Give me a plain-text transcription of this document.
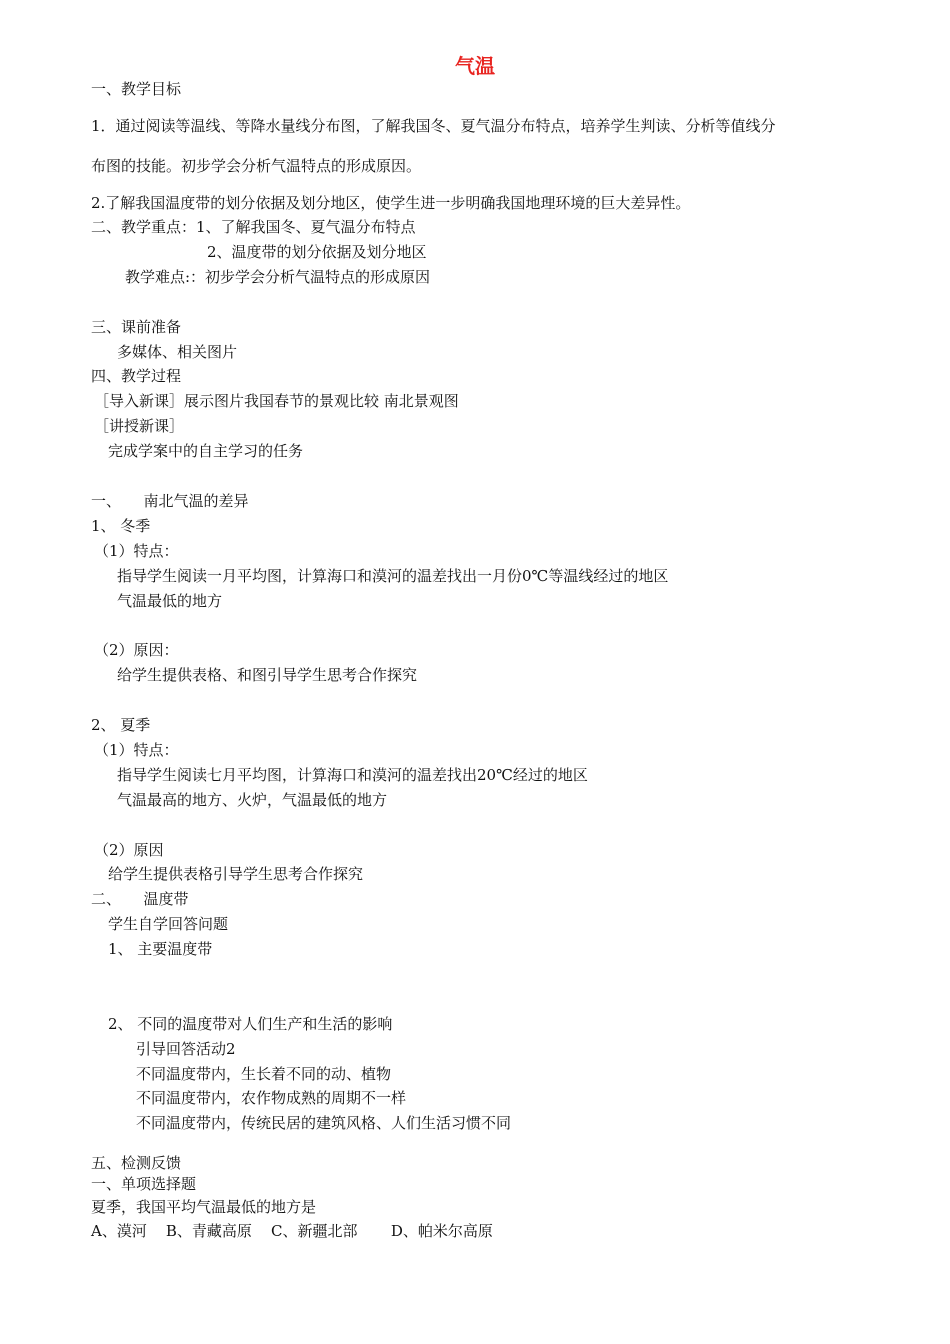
气温
一、教学目标
1．通过阅读等温线、等降水量线分布图，了解我国冬、夏气温分布特点，培养学生判读、分析等值线分
布图的技能。初步学会分析气温特点的形成原因。
2.了解我国温度带的划分依据及划分地区，使学生进一步明确我国地理环境的巨大差异性。
二、教学重点：1、了解我国冬、夏气温分布特点
2、温度带的划分依据及划分地区
教学难点:：初步学会分析气温特点的形成原因
三、课前准备
多媒体、相关图片
四、教学过程
［导入新课］展示图片我国春节的景观比较 南北景观图
［讲授新课］
完成学案中的自主学习的任务
一、　　南北气温的差异
1、 冬季
（1）特点：
指导学生阅读一月平均图，计算海口和漠河的温差找出一月份0℃等温线经过的地区
气温最低的地方
（2）原因：
给学生提供表格、和图引导学生思考合作探究
2、 夏季
（1）特点：
指导学生阅读七月平均图，计算海口和漠河的温差找出20℃经过的地区
气温最高的地方、火炉，气温最低的地方
（2）原因
给学生提供表格引导学生思考合作探究
二、　　温度带
学生自学回答问题
1、 主要温度带
2、 不同的温度带对人们生产和生活的影响
引导回答活动2
不同温度带内，生长着不同的动、植物
不同温度带内，农作物成熟的周期不一样
不同温度带内，传统民居的建筑风格、人们生活习惯不同
五、检测反馈
一、单项选择题
夏季，我国平均气温最低的地方是
A、漠河    B、青藏高原    C、新疆北部       D、帕米尔高原
